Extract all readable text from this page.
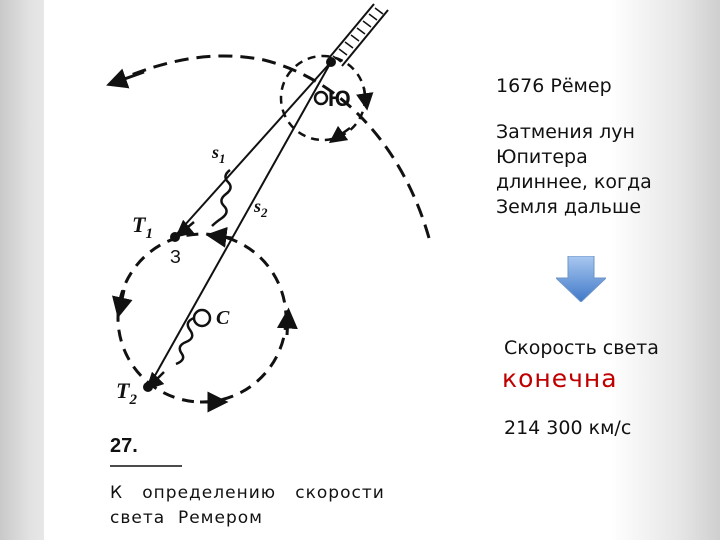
Ю
C
$s_1$
$s_2$
$T_1$
З
$T_2$
27.
К   определению   скорости
света  Ремером
1676 Рёмер
Затмения лун
Юпитера
длиннее, когда
Земля дальше
Скорость света
конечна
214 300 км/с
